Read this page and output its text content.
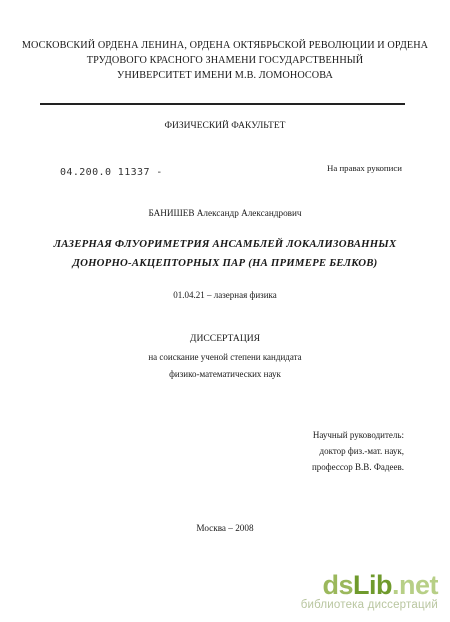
МОСКОВСКИЙ ОРДЕНА ЛЕНИНА, ОРДЕНА ОКТЯБРЬСКОЙ РЕВОЛЮЦИИ И ОРДЕНА
ТРУДОВОГО КРАСНОГО ЗНАМЕНИ ГОСУДАРСТВЕННЫЙ
УНИВЕРСИТЕТ ИМЕНИ М.В. ЛОМОНОСОВА
ФИЗИЧЕСКИЙ ФАКУЛЬТЕТ
04.200.0 11337 -	На правах рукописи
БАНИШЕВ Александр Александрович
ЛАЗЕРНАЯ ФЛУОРИМЕТРИЯ АНСАМБЛЕЙ ЛОКАЛИЗОВАННЫХ
ДОНОРНО-АКЦЕПТОРНЫХ ПАР (НА ПРИМЕРЕ БЕЛКОВ)
01.04.21 – лазерная физика
ДИССЕРТАЦИЯ
на соискание ученой степени кандидата
физико-математических наук
Научный руководитель:
доктор физ.-мат. наук,
профессор В.В. Фадеев.
Москва – 2008
dsLib.net
библиотека диссертаций
